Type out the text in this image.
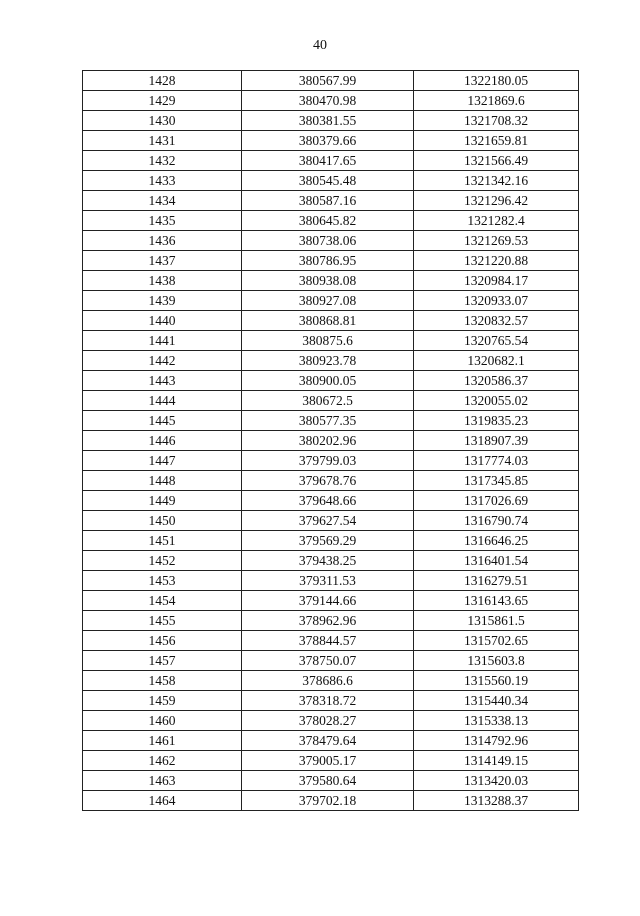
40
1428	380567.99	1322180.05
1429	380470.98	1321869.6
1430	380381.55	1321708.32
1431	380379.66	1321659.81
1432	380417.65	1321566.49
1433	380545.48	1321342.16
1434	380587.16	1321296.42
1435	380645.82	1321282.4
1436	380738.06	1321269.53
1437	380786.95	1321220.88
1438	380938.08	1320984.17
1439	380927.08	1320933.07
1440	380868.81	1320832.57
1441	380875.6	1320765.54
1442	380923.78	1320682.1
1443	380900.05	1320586.37
1444	380672.5	1320055.02
1445	380577.35	1319835.23
1446	380202.96	1318907.39
1447	379799.03	1317774.03
1448	379678.76	1317345.85
1449	379648.66	1317026.69
1450	379627.54	1316790.74
1451	379569.29	1316646.25
1452	379438.25	1316401.54
1453	379311.53	1316279.51
1454	379144.66	1316143.65
1455	378962.96	1315861.5
1456	378844.57	1315702.65
1457	378750.07	1315603.8
1458	378686.6	1315560.19
1459	378318.72	1315440.34
1460	378028.27	1315338.13
1461	378479.64	1314792.96
1462	379005.17	1314149.15
1463	379580.64	1313420.03
1464	379702.18	1313288.37
